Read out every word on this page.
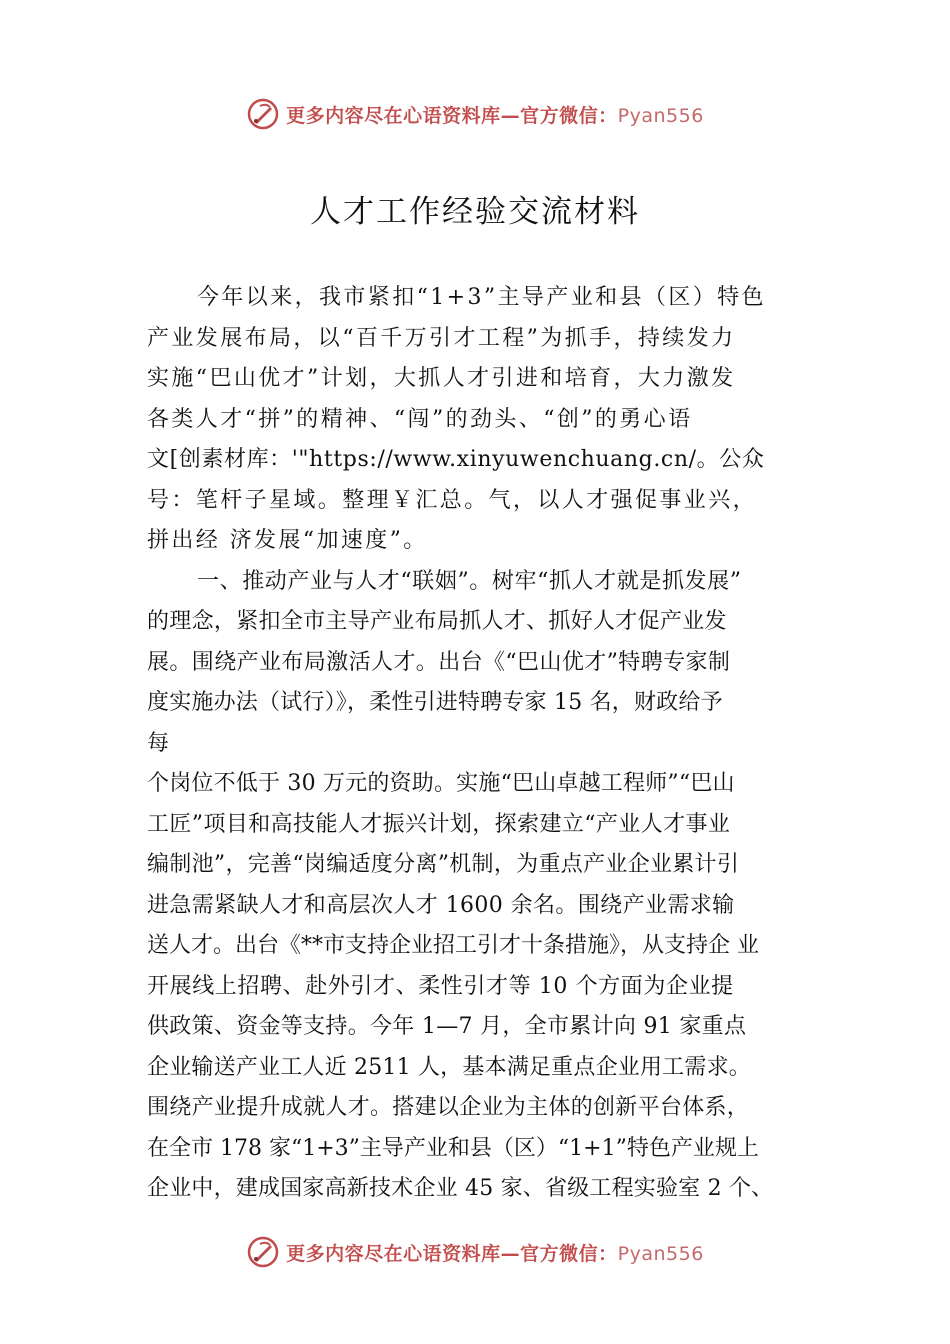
更多内容尽在心语资料库—官方微信：Pyan556
人才工作经验交流材料
今年以来，我市紧扣“1+3”主导产业和县（区）特色
产业发展布局，以“百千万引才工程”为抓手，持续发力
实施“巴山优才”计划，大抓人才引进和培育，大力激发
各类人才“拼”的精神、“闯”的劲头、“创”的勇心语
文[创素材库：'"https://www.xinyuwenchuang.cn/。公众
号：笔杆子星域。整理￥汇总。气，以人才强促事业兴，
拼出经 济发展“加速度”。
一、推动产业与人才“联姻”。树牢“抓人才就是抓发展”
的理念，紧扣全市主导产业布局抓人才、抓好人才促产业发
展。围绕产业布局激活人才。出台《“巴山优才”特聘专家制
度实施办法（试行）》，柔性引进特聘专家 15 名，财政给予
每
个岗位不低于 30 万元的资助。实施“巴山卓越工程师”“巴山
工匠”项目和高技能人才振兴计划，探索建立“产业人才事业
编制池”，完善“岗编适度分离”机制，为重点产业企业累计引
进急需紧缺人才和高层次人才 1600 余名。围绕产业需求输
送人才。出台《**市支持企业招工引才十条措施》，从支持企 业
开展线上招聘、赴外引才、柔性引才等 10 个方面为企业提
供政策、资金等支持。今年 1—7 月，全市累计向 91 家重点
企业输送产业工人近 2511 人，基本满足重点企业用工需求。
围绕产业提升成就人才。搭建以企业为主体的创新平台体系，
在全市 178 家“1+3”主导产业和县（区）“1+1”特色产业规上
企业中，建成国家高新技术企业 45 家、省级工程实验室 2 个、
更多内容尽在心语资料库—官方微信：Pyan556
